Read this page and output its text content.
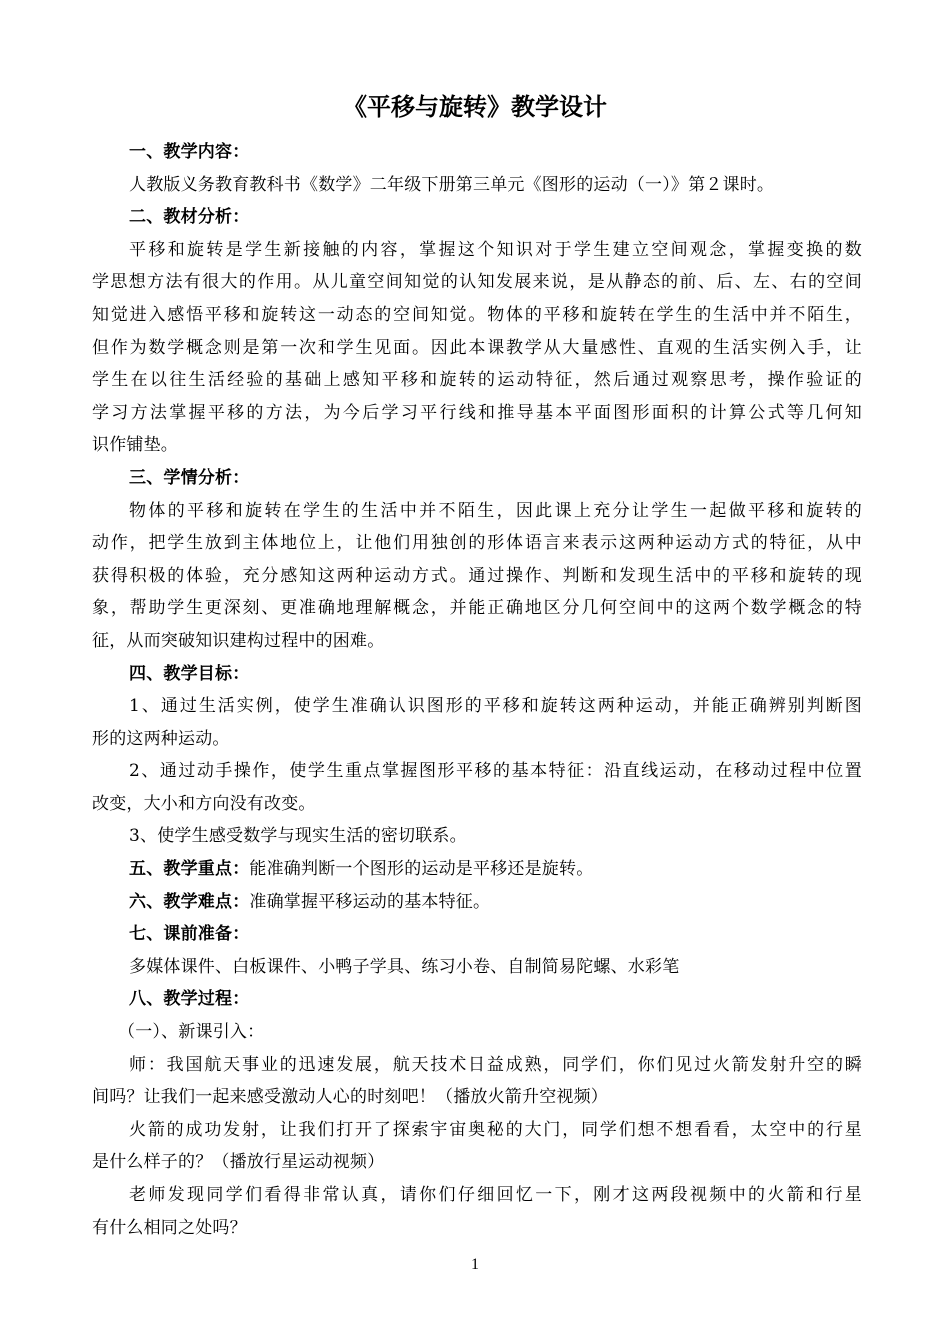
《平移与旋转》教学设计
一、教学内容：
人教版义务教育教科书《数学》二年级下册第三单元《图形的运动（一）》第２课时。
二、教材分析：
平移和旋转是学生新接触的内容，掌握这个知识对于学生建立空间观念，掌握变换的数
学思想方法有很大的作用。从儿童空间知觉的认知发展来说，是从静态的前、后、左、右的空间
知觉进入感悟平移和旋转这一动态的空间知觉。物体的平移和旋转在学生的生活中并不陌生，
但作为数学概念则是第一次和学生见面。因此本课教学从大量感性、直观的生活实例入手，让
学生在以往生活经验的基础上感知平移和旋转的运动特征，然后通过观察思考，操作验证的
学习方法掌握平移的方法，为今后学习平行线和推导基本平面图形面积的计算公式等几何知
识作铺垫。
三、学情分析：
物体的平移和旋转在学生的生活中并不陌生，因此课上充分让学生一起做平移和旋转的
动作，把学生放到主体地位上，让他们用独创的形体语言来表示这两种运动方式的特征，从中
获得积极的体验，充分感知这两种运动方式。通过操作、判断和发现生活中的平移和旋转的现
象，帮助学生更深刻、更准确地理解概念，并能正确地区分几何空间中的这两个数学概念的特
征，从而突破知识建构过程中的困难。
四、教学目标：
1、通过生活实例，使学生准确认识图形的平移和旋转这两种运动，并能正确辨别判断图
形的这两种运动。
2、通过动手操作，使学生重点掌握图形平移的基本特征：沿直线运动，在移动过程中位置
改变，大小和方向没有改变。
3、使学生感受数学与现实生活的密切联系。
五、教学重点：能准确判断一个图形的运动是平移还是旋转。
六、教学难点：准确掌握平移运动的基本特征。
七、课前准备：
多媒体课件、白板课件、小鸭子学具、练习小卷、自制简易陀螺、水彩笔
八、教学过程：
（一）、新课引入：
师：我国航天事业的迅速发展，航天技术日益成熟，同学们，你们见过火箭发射升空的瞬
间吗？让我们一起来感受激动人心的时刻吧！（播放火箭升空视频）
火箭的成功发射，让我们打开了探索宇宙奥秘的大门，同学们想不想看看，太空中的行星
是什么样子的？（播放行星运动视频）
老师发现同学们看得非常认真，请你们仔细回忆一下，刚才这两段视频中的火箭和行星
有什么相同之处吗？
1
